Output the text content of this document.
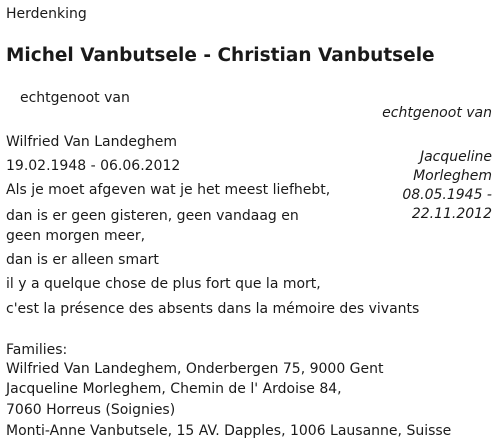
Herdenking
Michel Vanbutsele - Christian Vanbutsele
echtgenoot van
Wilfried Van Landeghem
19.02.1948 - 06.06.2012
Als je moet afgeven wat je het meest liefhebt,
dan is er geen gisteren, geen vandaag en geen morgen meer,
dan is er alleen smart
il y a quelque chose de plus fort que la mort,
c'est la présence des absents dans la mémoire des vivants
echtgenoot van
Jacqueline
Morleghem
08.05.1945 -
22.11.2012
Families:
Wilfried Van Landeghem, Onderbergen 75, 9000 Gent
Jacqueline Morleghem, Chemin de l' Ardoise 84,
7060 Horreus (Soignies)
Monti-Anne Vanbutsele, 15 AV. Dapples, 1006 Lausanne, Suisse
